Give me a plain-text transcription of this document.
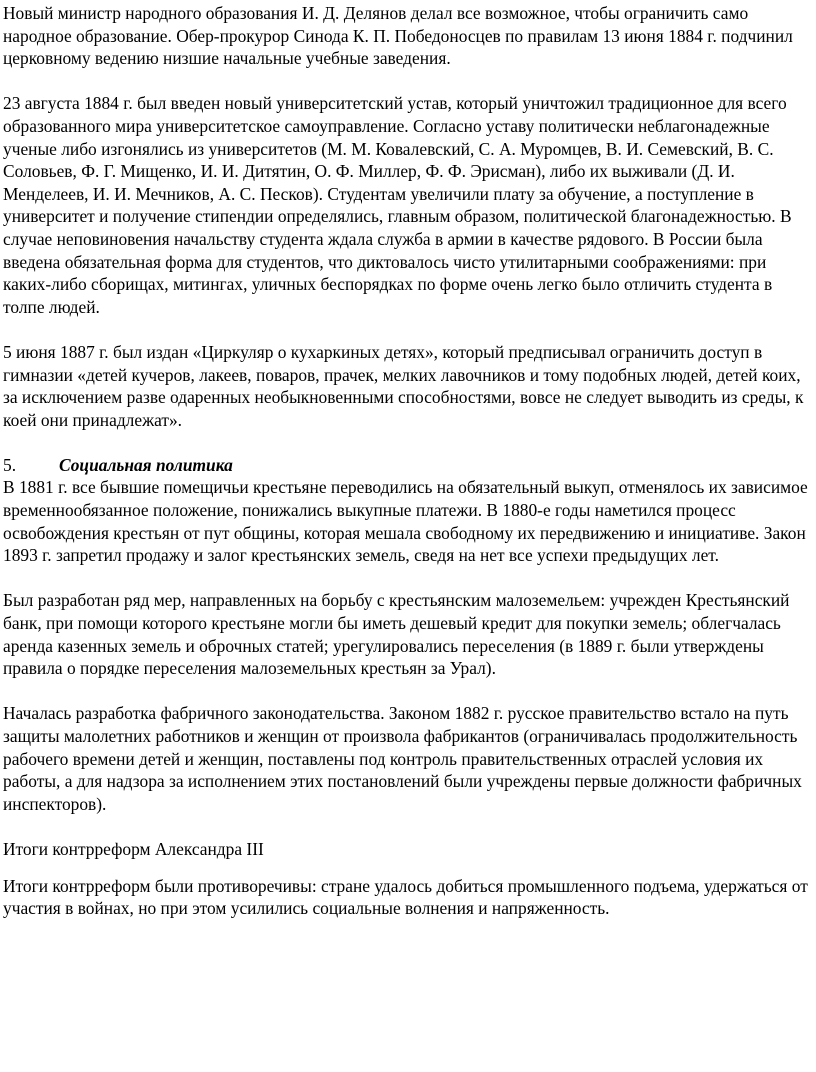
Новый министр народного образования И. Д. Делянов делал все возможное, чтобы ограничить само народное образование. Обер-прокурор Синода К. П. Победоносцев по правилам 13 июня 1884 г. подчинил церковному ведению низшие начальные учебные заведения.

23 августа 1884 г. был введен новый университетский устав, который уничтожил традиционное для всего образованного мира университетское самоуправление. Согласно уставу политически неблагонадежные ученые либо изгонялись из университетов (М. М. Ковалевский, С. А. Муромцев, В. И. Семевский, В. С. Соловьев, Ф. Г. Мищенко, И. И. Дитятин, О. Ф. Миллер, Ф. Ф. Эрисман), либо их выживали (Д. И. Менделеев, И. И. Мечников, А. С. Песков). Студентам увеличили плату за обучение, а поступление в университет и получение стипендии определялись, главным образом, политической благонадежностью. В случае неповиновения начальству студента ждала служба в армии в качестве рядового. В России была введена обязательная форма для студентов, что диктовалось чисто утилитарными соображениями: при каких-либо сборищах, митингах, уличных беспорядках по форме очень легко было отличить студента в толпе людей.

5 июня 1887 г. был издан «Циркуляр о кухаркиных детях», который предписывал ограничить доступ в гимназии «детей кучеров, лакеев, поваров, прачек, мелких лавочников и тому подобных людей, детей коих, за исключением разве одаренных необыкновенными способностями, вовсе не следует выводить из среды, к коей они принадлежат».

5.	Социальная политика

В 1881 г. все бывшие помещичьи крестьяне переводились на обязательный выкуп, отменялось их зависимое временнообязанное положение, понижались выкупные платежи. В 1880-е годы наметился процесс освобождения крестьян от пут общины, которая мешала свободному их передвижению и инициативе. Закон 1893 г. запретил продажу и залог крестьянских земель, сведя на нет все успехи предыдущих лет.

Был разработан ряд мер, направленных на борьбу с крестьянским малоземельем: учрежден Крестьянский банк, при помощи которого крестьяне могли бы иметь дешевый кредит для покупки земель; облегчалась аренда казенных земель и оброчных статей; урегулировались переселения (в 1889 г. были утверждены правила о порядке переселения малоземельных крестьян за Урал).

Началась разработка фабричного законодательства. Законом 1882 г. русское правительство встало на путь защиты малолетних работников и женщин от произвола фабрикантов (ограничивалась продолжительность рабочего времени детей и женщин, поставлены под контроль правительственных отраслей условия их работы, а для надзора за исполнением этих постановлений были учреждены первые должности фабричных инспекторов).

Итоги контрреформ Александра III

Итоги контрреформ были противоречивы: стране удалось добиться промышленного подъема, удержаться от участия в войнах, но при этом усилились социальные волнения и напряженность.
